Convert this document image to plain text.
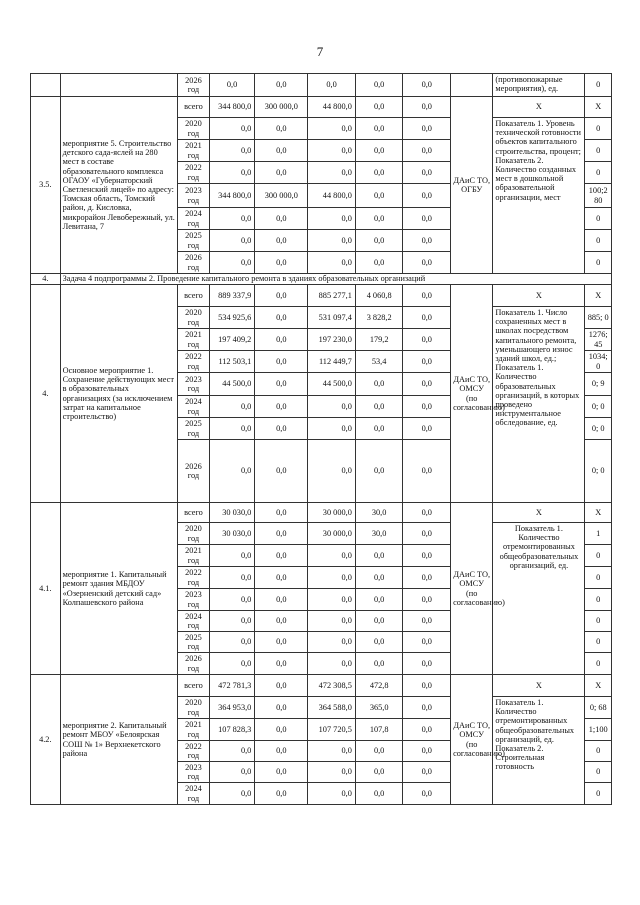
7
		2026 год	0,0	0,0	0,0	0,0	0,0		(противопожарные мероприятия), ед.	0
3.5.	мероприятие 5. Строительство детского сада-яслей на 280 мест в составе образовательного комплекса ОГАОУ «Губернаторский Светленский лицей» по адресу: Томская область, Томский район, д. Кисловка, микрорайон Левобережный, ул. Левитана, 7	всего	344 800,0	300 000,0	44 800,0	0,0	0,0	ДАиС ТО, ОГБУ	X	X
		2020 год	0,0	0,0	0,0	0,0	0,0		Показатель 1. Уровень технической готовности объектов капитального строительства, процент; Показатель 2. Количество созданных мест в дошкольной образовательной организации, мест	0
		2021 год	0,0	0,0	0,0	0,0	0,0			0
		2022 год	0,0	0,0	0,0	0,0	0,0			0
		2023 год	344 800,0	300 000,0	44 800,0	0,0	0,0			100;2 80
		2024 год	0,0	0,0	0,0	0,0	0,0			0
		2025 год	0,0	0,0	0,0	0,0	0,0			0
		2026 год	0,0	0,0	0,0	0,0	0,0			0
4.	Задача 4 подпрограммы 2. Проведение капитального ремонта в зданиях образовательных организаций									
4.	Основное мероприятие 1. Сохранение действующих мест в образовательных организациях (за исключением затрат на капитальное строительство)	всего	889 337,9	0,0	885 277,1	4 060,8	0,0	ДАиС ТО, ОМСУ (по согласованию)	X	X
		2020 год	534 925,6	0,0	531 097,4	3 828,2	0,0		Показатель 1. Число сохраненных мест в школах посредством капитального ремонта, уменьшающего износ зданий школ, ед.; Показатель 1. Количество образовательных организаций, в которых проведено инструментальное обследование, ед.	885; 0
		2021 год	197 409,2	0,0	197 230,0	179,2	0,0			1276; 45
		2022 год	112 503,1	0,0	112 449,7	53,4	0,0			1034; 0
		2023 год	44 500,0	0,0	44 500,0	0,0	0,0			0; 9
		2024 год	0,0	0,0	0,0	0,0	0,0			0; 0
		2025 год	0,0	0,0	0,0	0,0	0,0			0; 0
		2026 год	0,0	0,0	0,0	0,0	0,0			0; 0
4.1.	мероприятие 1. Капитальный ремонт здания МБДОУ «Озерненский детский сад» Колпашевского района	всего	30 030,0	0,0	30 000,0	30,0	0,0	ДАиС ТО, ОМСУ (по согласованию)	X	X
		2020 год	30 030,0	0,0	30 000,0	30,0	0,0		Показатель 1. Количество отремонтированных общеобразовательных организаций, ед.	1
		2021 год	0,0	0,0	0,0	0,0	0,0			0
		2022 год	0,0	0,0	0,0	0,0	0,0			0
		2023 год	0,0	0,0	0,0	0,0	0,0			0
		2024 год	0,0	0,0	0,0	0,0	0,0			0
		2025 год	0,0	0,0	0,0	0,0	0,0			0
		2026 год	0,0	0,0	0,0	0,0	0,0			0
4.2.	мероприятие 2. Капитальный ремонт МБОУ «Белоярская СОШ № 1» Верхнекетского района	всего	472 781,3	0,0	472 308,5	472,8	0,0	ДАиС ТО, ОМСУ (по согласованию)	X	X
		2020 год	364 953,0	0,0	364 588,0	365,0	0,0		Показатель 1. Количество отремонтированных общеобразовательных организаций, ед. Показатель 2. Строительная готовность	0; 68
		2021 год	107 828,3	0,0	107 720,5	107,8	0,0			1;100
		2022 год	0,0	0,0	0,0	0,0	0,0			0
		2023 год	0,0	0,0	0,0	0,0	0,0			0
		2024 год	0,0	0,0	0,0	0,0	0,0			0
